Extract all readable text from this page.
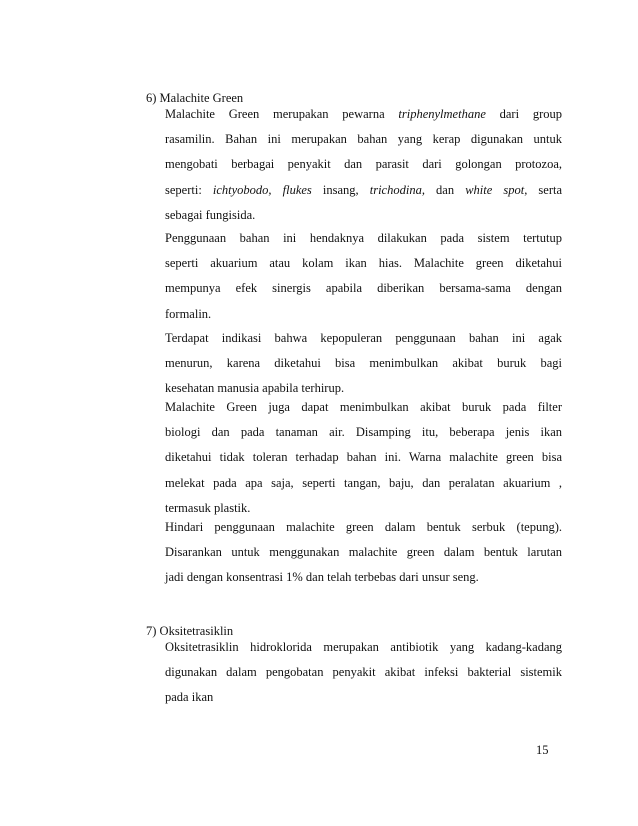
6) Malachite Green
Malachite Green merupakan pewarna triphenylmethane dari group
rasamilin. Bahan ini merupakan bahan yang kerap digunakan untuk
mengobati berbagai penyakit dan parasit dari golongan protozoa,
seperti: ichtyobodo, flukes insang, trichodina, dan white spot, serta
sebagai fungisida.
Penggunaan bahan ini hendaknya dilakukan pada sistem tertutup
seperti akuarium atau kolam ikan hias. Malachite green diketahui
mempunya efek sinergis apabila diberikan bersama-sama dengan
formalin.
Terdapat indikasi bahwa kepopuleran penggunaan bahan ini agak
menurun, karena diketahui bisa menimbulkan akibat buruk bagi
kesehatan manusia apabila terhirup.
Malachite Green juga dapat menimbulkan akibat buruk pada filter
biologi dan pada tanaman air. Disamping itu, beberapa jenis ikan
diketahui tidak toleran terhadap bahan ini. Warna malachite green bisa
melekat pada apa saja, seperti tangan, baju, dan peralatan akuarium ,
termasuk plastik.
Hindari penggunaan malachite green dalam bentuk serbuk (tepung).
Disarankan untuk menggunakan malachite green dalam bentuk larutan
jadi dengan konsentrasi 1% dan telah terbebas dari unsur seng.
7) Oksitetrasiklin
Oksitetrasiklin hidroklorida merupakan antibiotik yang kadang-kadang
digunakan dalam pengobatan penyakit akibat infeksi bakterial sistemik
pada ikan
15
